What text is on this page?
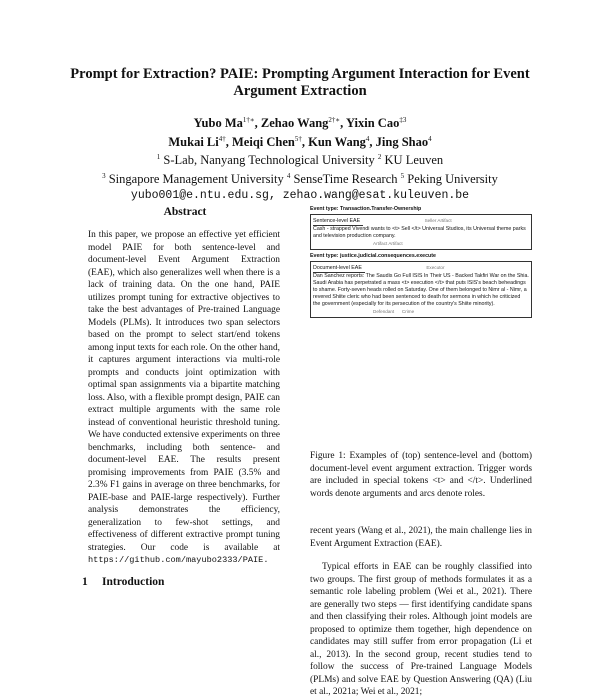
Prompt for Extraction? PAIE: Prompting Argument Interaction for Event Argument Extraction
Yubo $Ma^{1\dagger∗}$, Zehao Wang$^{2\dagger∗}$, Yixin Cao$^{\ddagger 3}$
Mukai $Li^{4\dagger}$, Meiqi Chen$^{5\dagger}$, Kun Wang$^4$, Jing Shao$^4$
$^1$ S-Lab, Nanyang Technological University $^2$ KU Leuven
$^3$ Singapore Management University $^4$ SenseTime Research $^5$ Peking University
yubo001@e.ntu.edu.sg, zehao.wang@esat.kuleuven.be
Abstract

In this paper, we propose an effective yet efficient model PAIE for both sentence-level and document-level Event Argument Extraction (EAE), which also generalizes well when there is a lack of training data. On the one hand, PAIE utilizes prompt tuning for extractive objectives to take the best advantages of Pre-trained Language Models (PLMs). It introduces two span selectors based on the prompt to select start/end tokens among input texts for each role. On the other hand, it captures argument interactions via multi-role prompts and conducts joint optimization with optimal span assignments via a bipartite matching loss. Also, with a flexible prompt design, PAIE can extract multiple arguments with the same role instead of conventional heuristic threshold tuning. We have conducted extensive experiments on three benchmarks, including both sentence- and document-level EAE. The results present promising improvements from PAIE (3.5% and 2.3% F1 gains in average on three benchmarks, for PAIE-base and PAIE-large respectively). Further analysis demonstrates the efficiency, generalization to few-shot settings, and effectiveness of different extractive prompt tuning strategies. Our code is available at https://github.com/mayubo2333/PAIE.

1 Introduction
Event type: Transaction.Transfer-Ownership
Sentence-level EAE	Seller Artifact
Cash - strapped Vivendi wants to <t> Sell </t> Universal Studios, its Universal theme parks and television production company.
Artifact Artifact
Event type: justice.judicial.consequences.execute
Document-level EAE	Executor
Dan Sanchez reports: The Saudis Go Full ISIS In Their US - Backed Takfiri War on the Shia. Saudi Arabia has perpetrated a mass <t> execution </t> that puts ISIS's beach beheadings to shame. Forty-seven heads rolled on Saturday. One of them belonged to Nimr al - Nimr, a revered Shiite cleric who had been sentenced to death for sermons in which he criticized the government (especially for its persecution of the country's Shiite minority).
Defendant Crime

Figure 1: Examples of (top) sentence-level and (bottom) document-level event argument extraction. Trigger words are included in special tokens <t> and </t>. Underlined words denote arguments and arcs denote roles.

recent years (Wang et al., 2021), the main challenge lies in Event Argument Extraction (EAE).

Typical efforts in EAE can be roughly classified into two groups. The first group of methods formulates it as a semantic role labeling problem (Wei et al., 2021). There are generally two steps — first identifying candidate spans and then classifying their roles. Although joint models are proposed to optimize them together, high dependence on candidates may still suffer from error propagation (Li et al., 2013). In the second group, recent studies tend to follow the success of Pre-trained Language Models (PLMs) and solve EAE by Question Answering (QA) (Liu et al., 2021a; Wei et al., 2021;
